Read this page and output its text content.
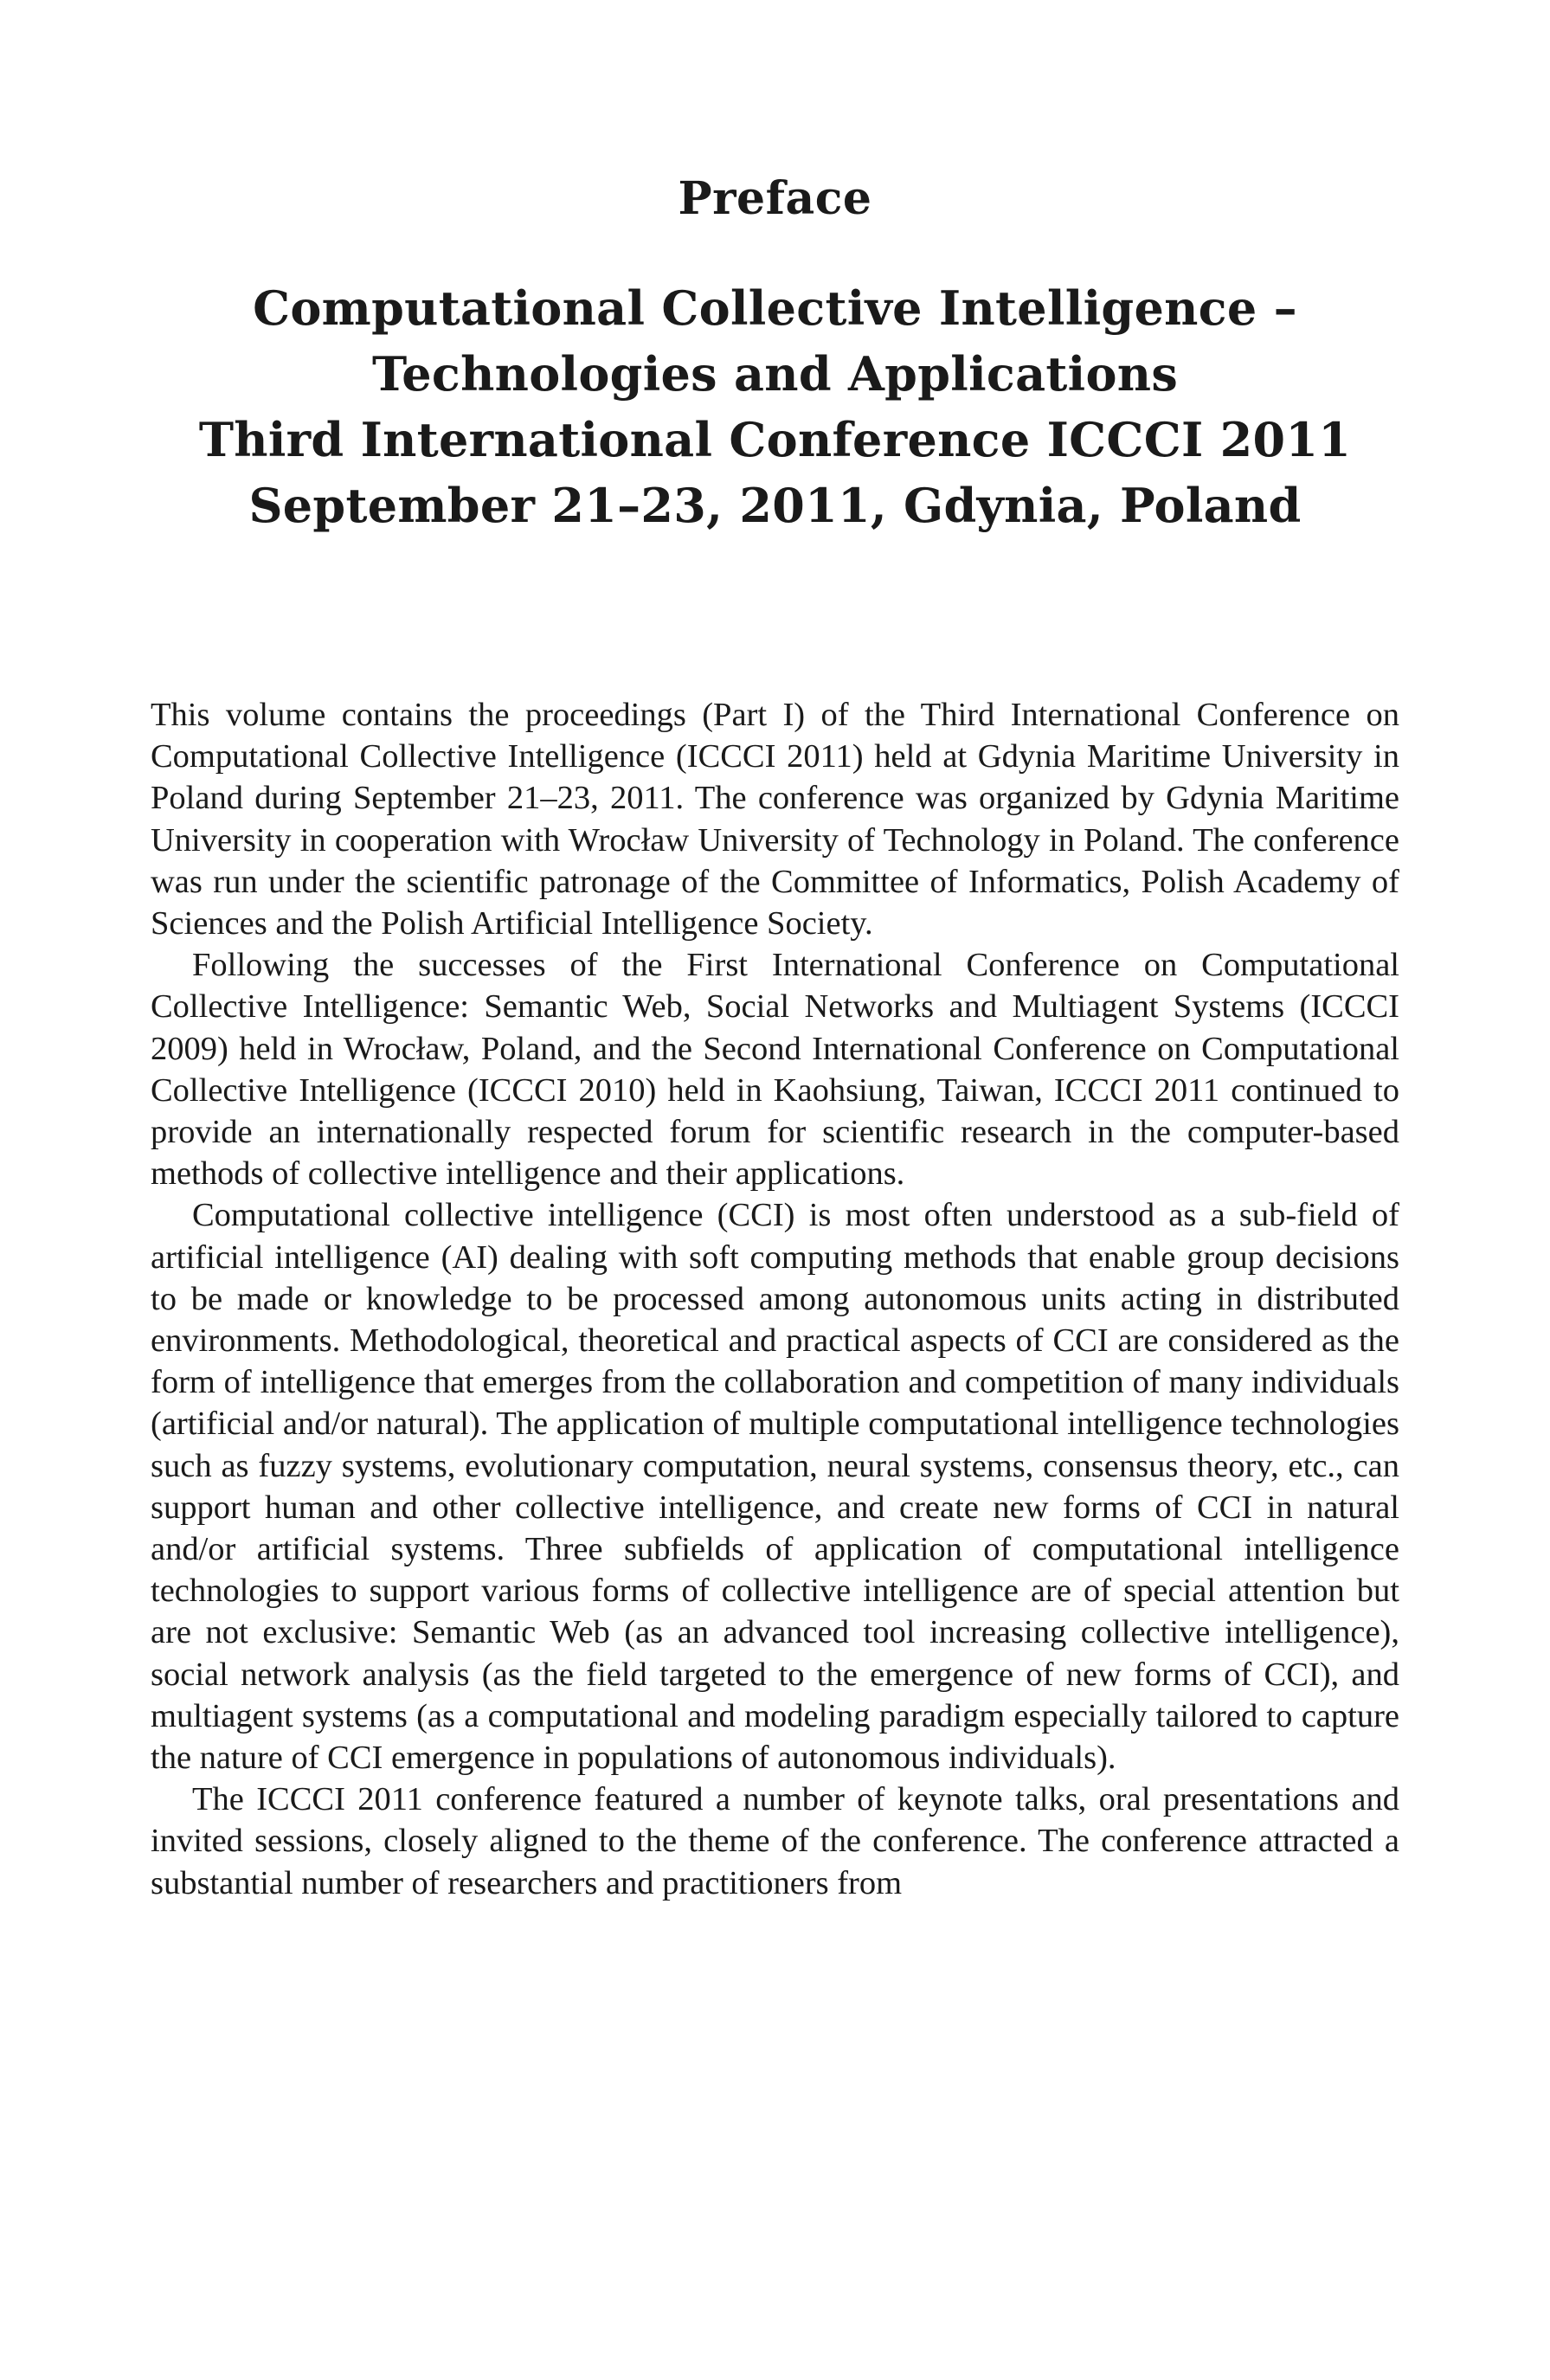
Preface
Computational Collective Intelligence –
Technologies and Applications
Third International Conference ICCCI 2011
September 21–23, 2011, Gdynia, Poland

This volume contains the proceedings (Part I) of the Third International Conference on Computational Collective Intelligence (ICCCI 2011) held at Gdynia Maritime University in Poland during September 21–23, 2011. The conference was organized by Gdynia Maritime University in cooperation with Wrocław University of Technology in Poland. The conference was run under the scientific patronage of the Committee of Informatics, Polish Academy of Sciences and the Polish Artificial Intelligence Society.

Following the successes of the First International Conference on Computational Collective Intelligence: Semantic Web, Social Networks and Multiagent Systems (ICCCI 2009) held in Wrocław, Poland, and the Second International Conference on Computational Collective Intelligence (ICCCI 2010) held in Kaohsiung, Taiwan, ICCCI 2011 continued to provide an internationally respected forum for scientific research in the computer-based methods of collective intelligence and their applications.

Computational collective intelligence (CCI) is most often understood as a sub-field of artificial intelligence (AI) dealing with soft computing methods that enable group decisions to be made or knowledge to be processed among autonomous units acting in distributed environments. Methodological, theoretical and practical aspects of CCI are considered as the form of intelligence that emerges from the collaboration and competition of many individuals (artificial and/or natural). The application of multiple computational intelligence technologies such as fuzzy systems, evolutionary computation, neural systems, consensus theory, etc., can support human and other collective intelligence, and create new forms of CCI in natural and/or artificial systems. Three subfields of application of computational intelligence technologies to support various forms of collective intelligence are of special attention but are not exclusive: Semantic Web (as an advanced tool increasing collective intelligence), social network analysis (as the field targeted to the emergence of new forms of CCI), and multiagent systems (as a computational and modeling paradigm especially tailored to capture the nature of CCI emergence in populations of autonomous individuals).

The ICCCI 2011 conference featured a number of keynote talks, oral presentations and invited sessions, closely aligned to the theme of the conference. The conference attracted a substantial number of researchers and practitioners from
